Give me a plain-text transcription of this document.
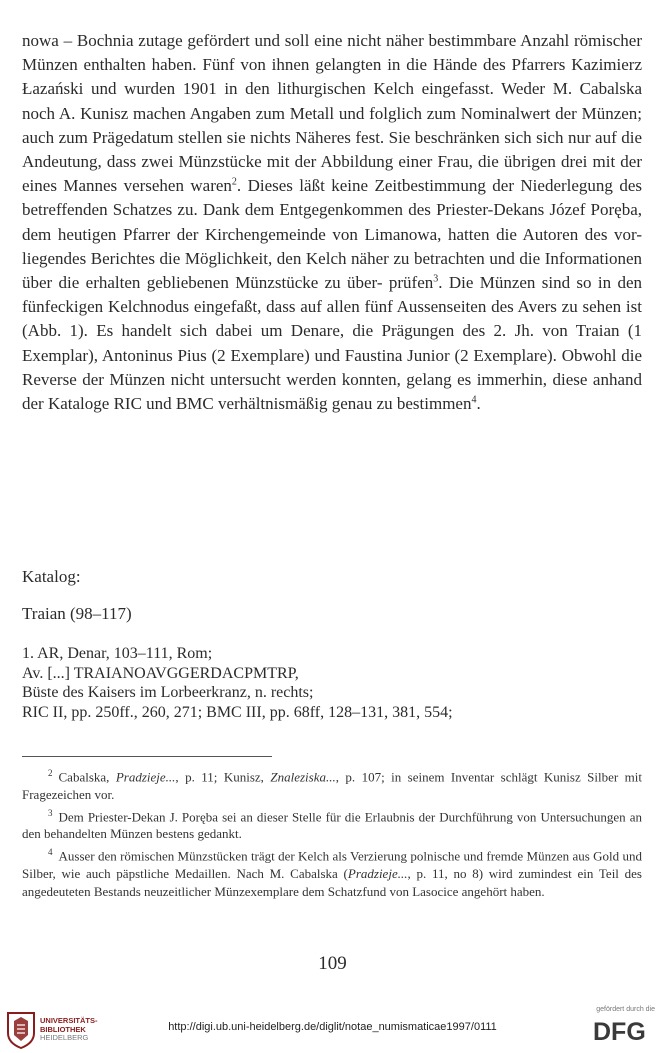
nowa – Bochnia zutage gefördert und soll eine nicht näher bestimmbare Anzahl römischer Münzen enthalten haben. Fünf von ihnen gelangten in die Hände des Pfarrers Kazimierz Łazański und wurden 1901 in den lithurgischen Kelch eingefasst. Weder M. Cabalska noch A. Kunisz machen Angaben zum Metall und folglich zum Nominalwert der Münzen; auch zum Prägedatum stellen sie nichts Näheres fest. Sie beschränken sich sich nur auf die Andeutung, dass zwei Münzstücke mit der Abbildung einer Frau, die übrigen drei mit der eines Mannes versehen waren$^2$. Dieses läßt keine Zeitbestimmung der Niederlegung des betreffenden Schatzes zu. Dank dem Entgegenkommen des Priester-Dekans Józef Poręba, dem heutigen Pfarrer der Kirchengemeinde von Limanowa, hatten die Autoren des vor- liegendes Berichtes die Möglichkeit, den Kelch näher zu betrachten und die Informationen über die erhalten gebliebenen Münzstücke zu über- prüfen$^3$. Die Münzen sind so in den fünfeckigen Kelchnodus eingefaßt, dass auf allen fünf Aussenseiten des Avers zu sehen ist (Abb. 1). Es handelt sich dabei um Denare, die Prägungen des 2. Jh. von Traian (1 Exemplar), Antoninus Pius (2 Exemplare) und Faustina Junior (2 Exemplare). Obwohl die Reverse der Münzen nicht untersucht werden konnten, gelang es immerhin, diese anhand der Kataloge RIC und BMC verhältnismäßig genau zu bestimmen$^4$.

Katalog:
Traian (98–117)
1. AR, Denar, 103–111, Rom;
Av. [...] TRAIANOAVGGERDACPMTRP,
Büste des Kaisers im Lorbeerkranz, n. rechts;
RIC II, pp. 250ff., 260, 271; BMC III, pp. 68ff, 128–131, 381, 554;

$^2$ Cabalska, Pradzieje..., p. 11; Kunisz, Znaleziska..., p. 107; in seinem Inventar schlägt Kunisz Silber mit Fragezeichen vor.

$^3$ Dem Priester-Dekan J. Poręba sei an dieser Stelle für die Erlaubnis der Durchführung von Untersuchungen an den behandelten Münzen bestens gedankt.

$^4$ Ausser den römischen Münzstücken trägt der Kelch als Verzierung polnische und fremde Münzen aus Gold und Silber, wie auch päpstliche Medaillen. Nach M. Cabalska (Pradzieje..., p. 11, no 8) wird zumindest ein Teil des angedeuteten Bestands neuzeitlicher Münzexemplare dem Schatzfund von Lasocice angehört haben.

109
UNIVERSITÄTS-
BIBLIOTHEK
HEIDELBERG
http://digi.ub.uni-heidelberg.de/diglit/notae_numismaticae1997/0111
gefördert durch die
DFG
